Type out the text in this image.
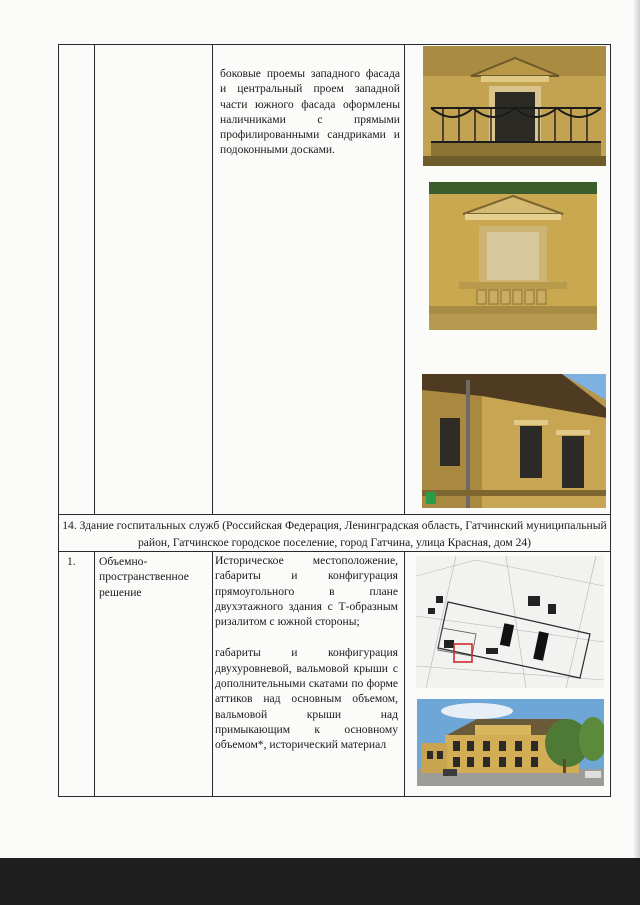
боковые проемы западного фасада и центральный проем западной части южного фасада оформлены наличниками с прямыми профилированными сандриками и подоконными досками.

14. Здание госпитальных служб (Российская Федерация, Ленинградская область, Гатчинский муниципальный район, Гатчинское городское поселение, город Гатчина, улица Красная, дом 24)
1.	Объемно-пространственное решение

Историческое местоположение, габариты и конфигурация прямоугольного в плане двухэтажного здания с Т-образным ризалитом с южной стороны;

габариты и конфигурация двухуровневой, вальмовой крыши с дополнительными скатами по форме аттиков над основным объемом, вальмовой крыши над примыкающим к основному объемом*, исторический материал
